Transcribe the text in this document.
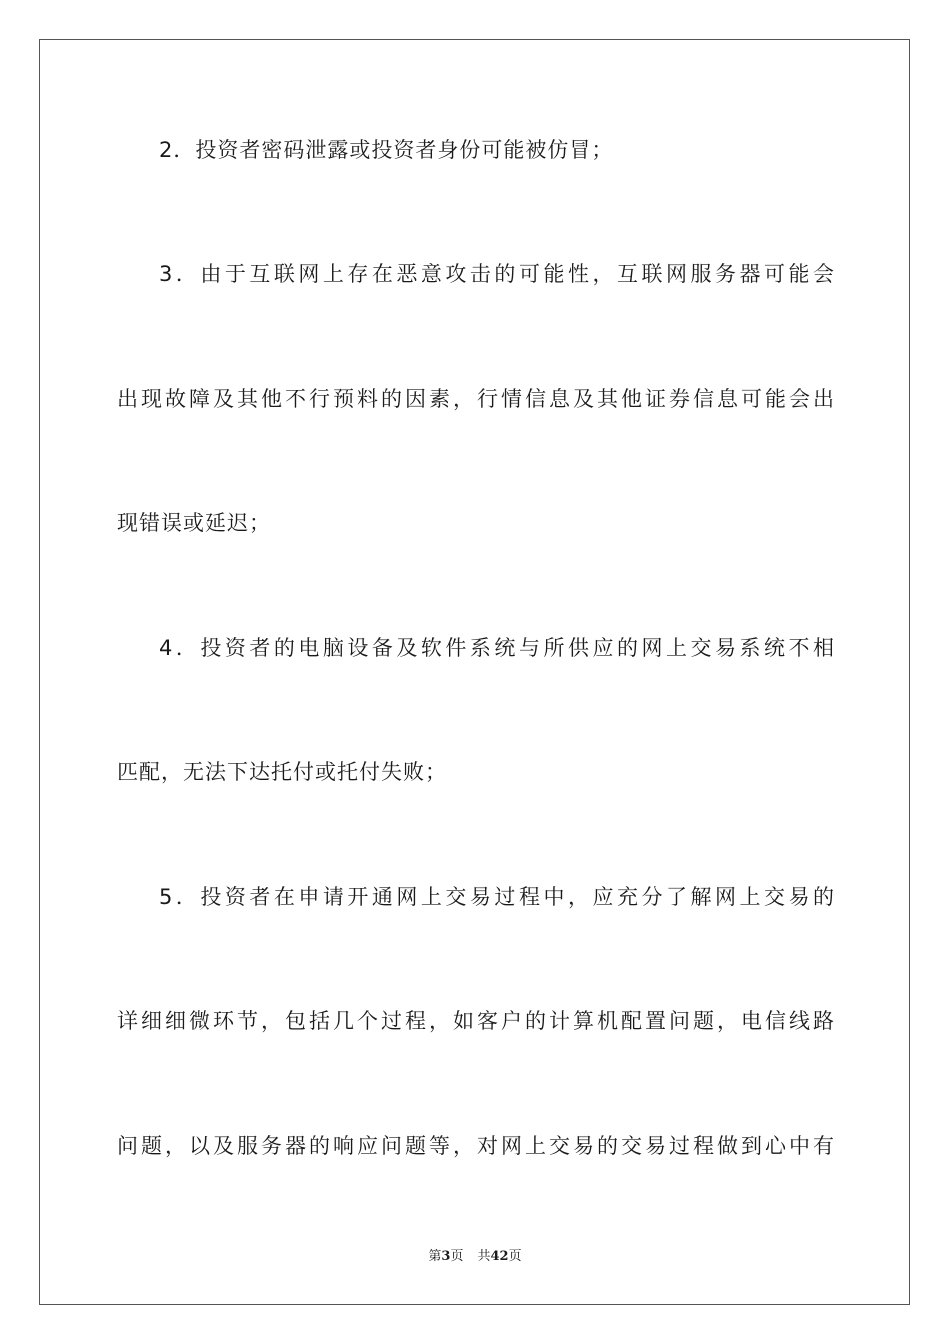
2．投资者密码泄露或投资者身份可能被仿冒；
3．由于互联网上存在恶意攻击的可能性，互联网服务器可能会
出现故障及其他不行预料的因素，行情信息及其他证券信息可能会出
现错误或延迟；
4．投资者的电脑设备及软件系统与所供应的网上交易系统不相
匹配，无法下达托付或托付失败；
5．投资者在申请开通网上交易过程中，应充分了解网上交易的
详细细微环节，包括几个过程，如客户的计算机配置问题，电信线路
问题，以及服务器的响应问题等，对网上交易的交易过程做到心中有
第3页 共42页
